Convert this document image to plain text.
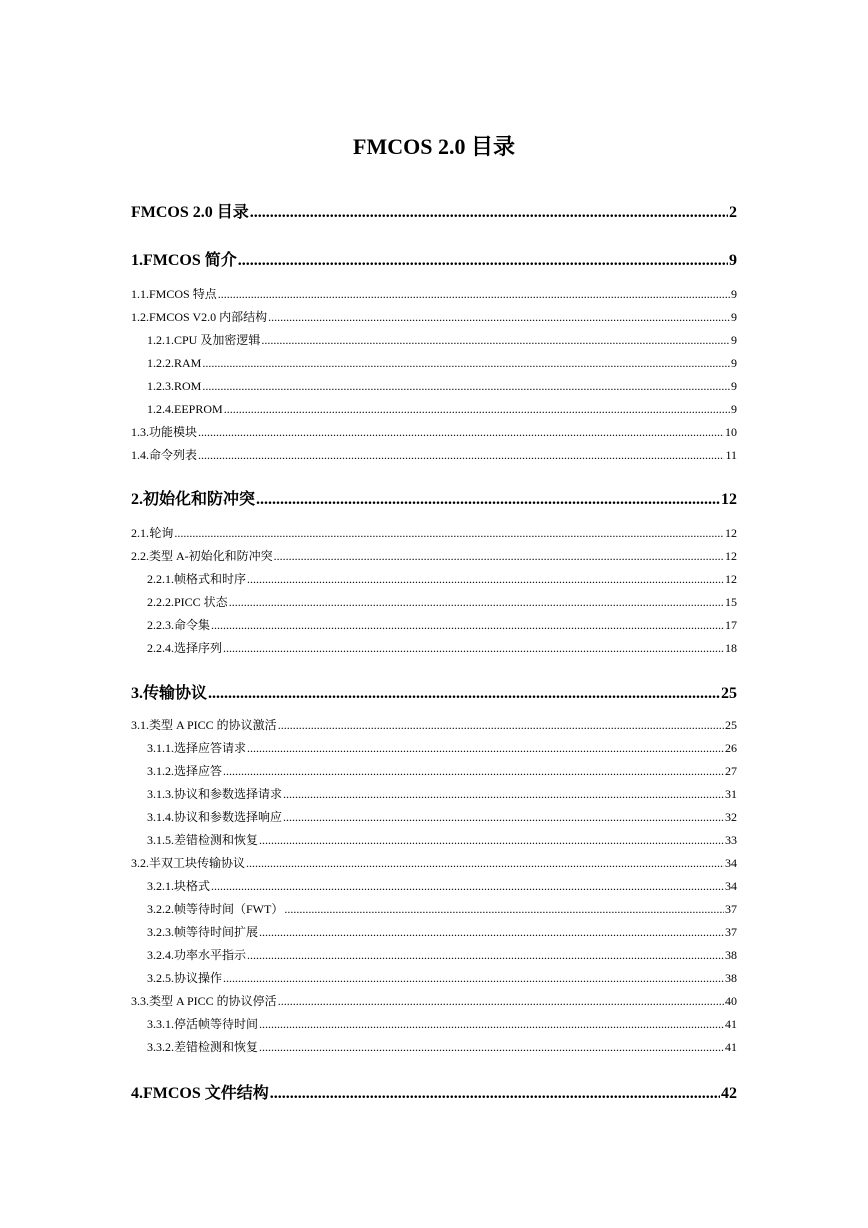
FMCOS 2.0 目录
FMCOS 2.0 目录 .....	2
1. FMCOS 简介 .....	9
1.1. FMCOS 特点 .....	9
1.2. FMCOS V2.0 内部结构 .....	9
1.2.1. CPU 及加密逻辑 .....	9
1.2.2. RAM .....	9
1.2.3. ROM .....	9
1.2.4. EEPROM .....	9
1.3. 功能模块 .....	10
1.4. 命令列表 .....	11
2. 初始化和防冲突 .....	12
2.1. 轮询 .....	12
2.2. 类型 A-初始化和防冲突 .....	12
2.2.1. 帧格式和时序 .....	12
2.2.2. PICC 状态 .....	15
2.2.3. 命令集 .....	17
2.2.4. 选择序列 .....	18
3. 传输协议 .....	25
3.1. 类型 A PICC 的协议激活 .....	25
3.1.1. 选择应答请求 .....	26
3.1.2. 选择应答 .....	27
3.1.3. 协议和参数选择请求 .....	31
3.1.4. 协议和参数选择响应 .....	32
3.1.5. 差错检测和恢复 .....	33
3.2. 半双工块传输协议 .....	34
3.2.1. 块格式 .....	34
3.2.2. 帧等待时间（FWT） .....	37
3.2.3. 帧等待时间扩展 .....	37
3.2.4. 功率水平指示 .....	38
3.2.5. 协议操作 .....	38
3.3. 类型 A PICC 的协议停活 .....	40
3.3.1. 停活帧等待时间 .....	41
3.3.2. 差错检测和恢复 .....	41
4. FMCOS 文件结构 .....	42
